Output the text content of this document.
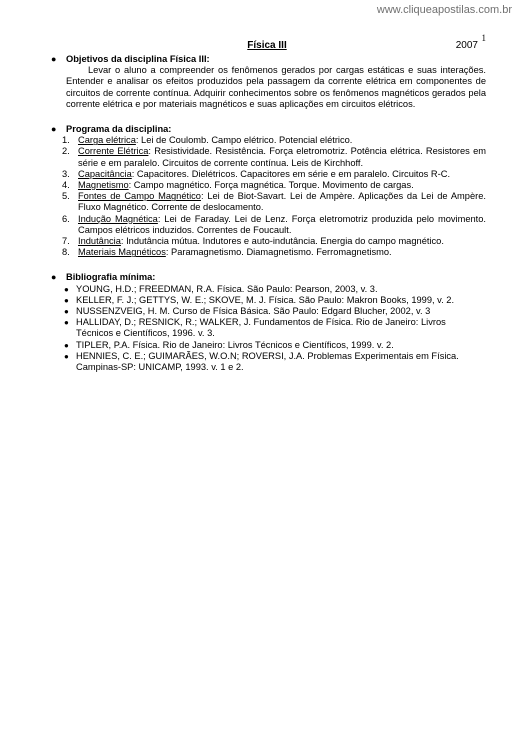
www.cliqueapostilas.com.br
1
Física III	2007
● Objetivos da disciplina Física III:
Levar o aluno a compreender os fenômenos gerados por cargas estáticas e suas interações. Entender e analisar os efeitos produzidos pela passagem da corrente elétrica em componentes de circuitos de corrente contínua. Adquirir conhecimentos sobre os fenômenos magnéticos gerados pela corrente elétrica e por materiais magnéticos e suas aplicações em circuitos elétricos.
● Programa da disciplina:
1. Carga elétrica: Lei de Coulomb. Campo elétrico. Potencial elétrico.
2. Corrente Elétrica: Resistividade. Resistência. Força eletromotriz. Potência elétrica. Resistores em série e em paralelo. Circuitos de corrente contínua. Leis de Kirchhoff.
3. Capacitância: Capacitores. Dielétricos. Capacitores em série e em paralelo. Circuitos R-C.
4. Magnetismo: Campo magnético. Força magnética. Torque. Movimento de cargas.
5. Fontes de Campo Magnético: Lei de Biot-Savart. Lei de Ampère. Aplicações da Lei de Ampère. Fluxo Magnético. Corrente de deslocamento.
6. Indução Magnética: Lei de Faraday. Lei de Lenz. Força eletromotriz produzida pelo movimento. Campos elétricos induzidos. Correntes de Foucault.
7. Indutância: Indutância mútua. Indutores e auto-indutância. Energia do campo magnético.
8. Materiais Magnéticos: Paramagnetismo. Diamagnetismo. Ferromagnetismo.
● Bibliografia mínima:
● YOUNG, H.D.; FREEDMAN, R.A. Física. São Paulo: Pearson, 2003, v. 3.
● KELLER, F. J.; GETTYS, W. E.; SKOVE, M. J. Física. São Paulo: Makron Books, 1999, v. 2.
● NUSSENZVEIG, H. M. Curso de Física Básica. São Paulo: Edgard Blucher, 2002, v. 3
● HALLIDAY, D.; RESNICK, R.; WALKER, J. Fundamentos de Física. Rio de Janeiro: Livros
Técnicos e Científicos, 1996. v. 3.
● TIPLER, P.A. Física. Rio de Janeiro: Livros Técnicos e Científicos, 1999. v. 2.
● HENNIES, C. E.; GUIMARÃES, W.O.N; ROVERSI, J.A. Problemas Experimentais em Física.
Campinas-SP: UNICAMP, 1993. v. 1 e 2.
